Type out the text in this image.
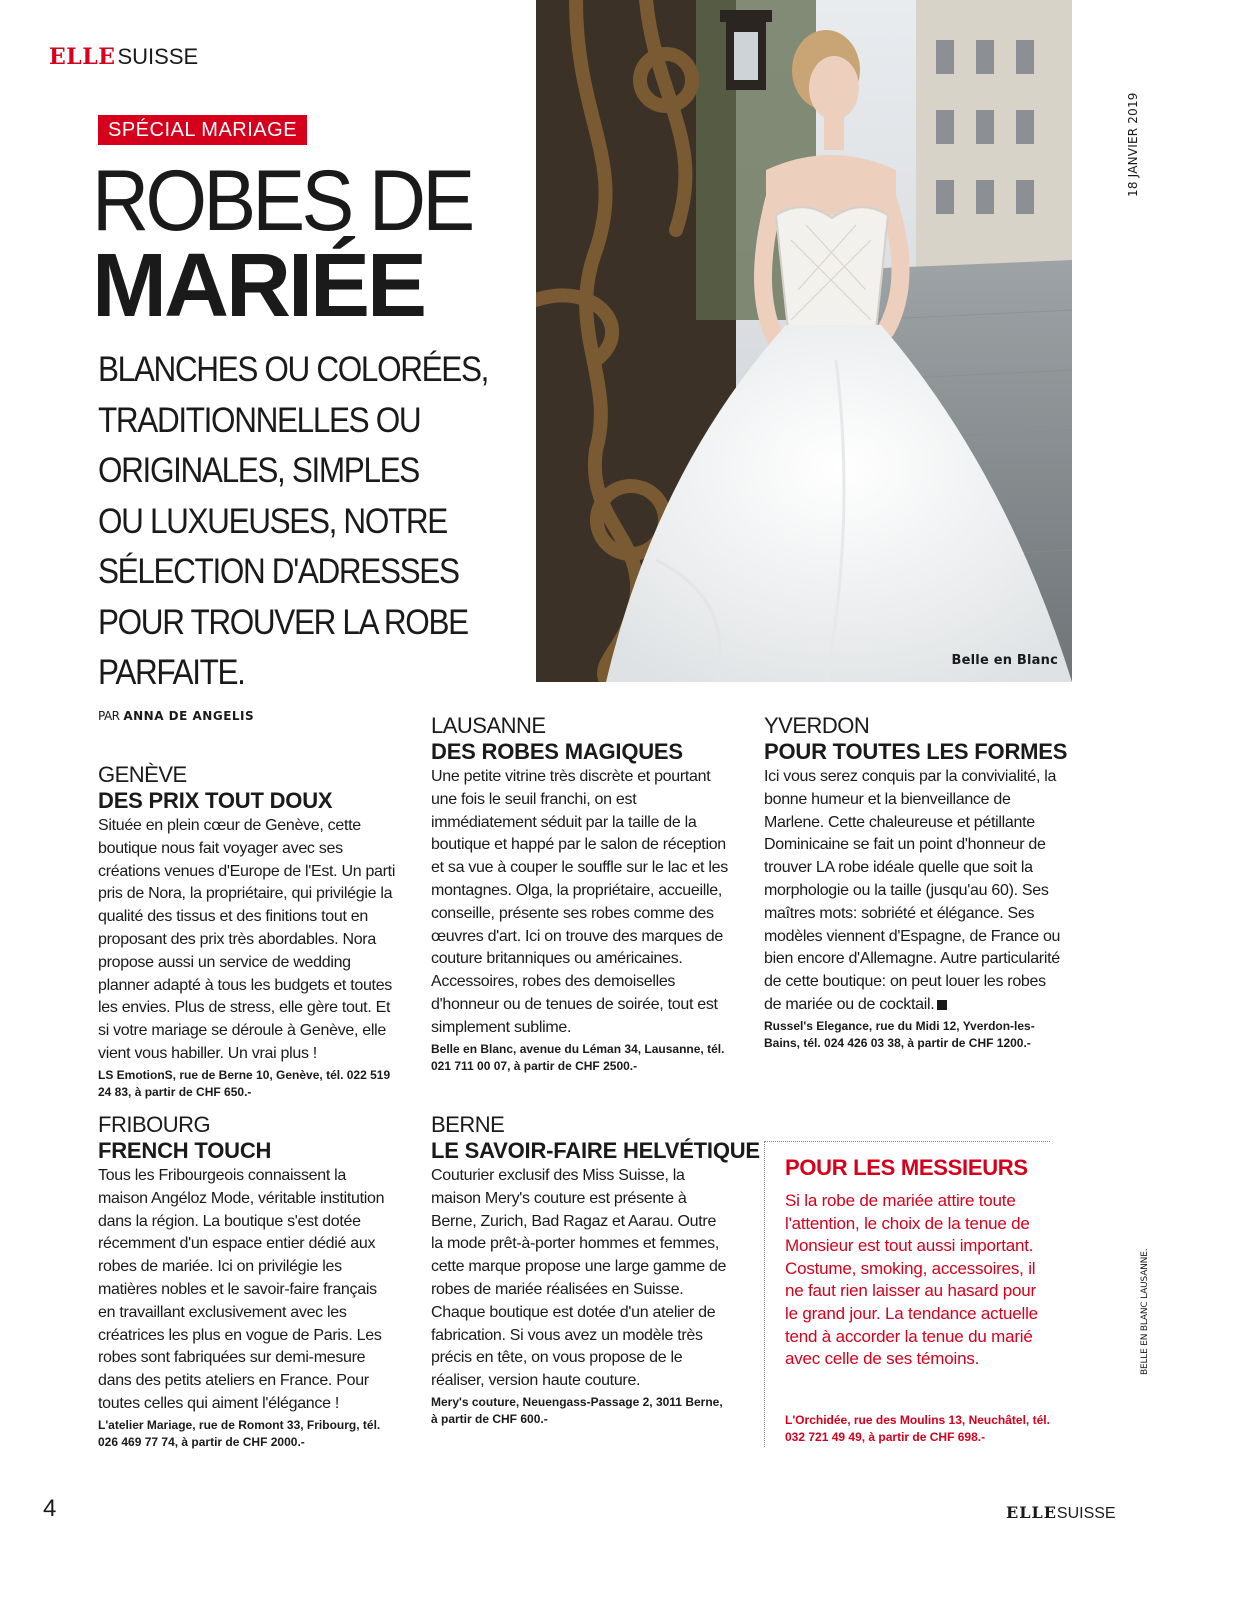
ELLESUISSE
SPÉCIAL MARIAGE
ROBES DE
MARIÉE
BLANCHES OU COLORÉES,
TRADITIONNELLES OU
ORIGINALES, SIMPLES
OU LUXUEUSES, NOTRE
SÉLECTION D'ADRESSES
POUR TROUVER LA ROBE
PARFAITE.
PAR ANNA DE ANGELIS
18 JANVIER 2019
BELLE EN BLANC LAUSANNE.
Belle en Blanc
GENÈVE
DES PRIX TOUT DOUX
Située en plein cœur de Genève, cette boutique nous fait voyager avec ses créations venues d'Europe de l'Est. Un parti pris de Nora, la propriétaire, qui privilégie la qualité des tissus et des finitions tout en proposant des prix très abordables. Nora propose aussi un service de wedding planner adapté à tous les budgets et toutes les envies. Plus de stress, elle gère tout. Et si votre mariage se déroule à Genève, elle vient vous habiller. Un vrai plus !
LS EmotionS, rue de Berne 10, Genève, tél. 022 519 24 83, à partir de CHF 650.-
FRIBOURG
FRENCH TOUCH
Tous les Fribourgeois connaissent la maison Angéloz Mode, véritable institution dans la région. La boutique s'est dotée récemment d'un espace entier dédié aux robes de mariée. Ici on privilégie les matières nobles et le savoir-faire français en travaillant exclusivement avec les créatrices les plus en vogue de Paris. Les robes sont fabriquées sur demi-mesure dans des petits ateliers en France. Pour toutes celles qui aiment l'élégance !
L'atelier Mariage, rue de Romont 33, Fribourg, tél. 026 469 77 74, à partir de CHF 2000.-
LAUSANNE
DES ROBES MAGIQUES
Une petite vitrine très discrète et pourtant une fois le seuil franchi, on est immédiatement séduit par la taille de la boutique et happé par le salon de réception et sa vue à couper le souffle sur le lac et les montagnes. Olga, la propriétaire, accueille, conseille, présente ses robes comme des œuvres d'art. Ici on trouve des marques de couture britanniques ou américaines. Accessoires, robes des demoiselles d'honneur ou de tenues de soirée, tout est simplement sublime.
Belle en Blanc, avenue du Léman 34, Lausanne, tél. 021 711 00 07, à partir de CHF 2500.-
BERNE
LE SAVOIR-FAIRE HELVÉTIQUE
Couturier exclusif des Miss Suisse, la maison Mery's couture est présente à Berne, Zurich, Bad Ragaz et Aarau. Outre la mode prêt-à-porter hommes et femmes, cette marque propose une large gamme de robes de mariée réalisées en Suisse. Chaque boutique est dotée d'un atelier de fabrication. Si vous avez un modèle très précis en tête, on vous propose de le réaliser, version haute couture.
Mery's couture, Neuengass-Passage 2, 3011 Berne, à partir de CHF 600.-
YVERDON
POUR TOUTES LES FORMES
Ici vous serez conquis par la convivialité, la bonne humeur et la bienveillance de Marlene. Cette chaleureuse et pétillante Dominicaine se fait un point d'honneur de trouver LA robe idéale quelle que soit la morphologie ou la taille (jusqu'au 60). Ses maîtres mots: sobriété et élégance. Ses modèles viennent d'Espagne, de France ou bien encore d'Allemagne. Autre particularité de cette boutique: on peut louer les robes de mariée ou de cocktail.
Russel's Elegance, rue du Midi 12, Yverdon-les-Bains, tél. 024 426 03 38, à partir de CHF 1200.-
POUR LES MESSIEURS
Si la robe de mariée attire toute l'attention, le choix de la tenue de Monsieur est tout aussi important. Costume, smoking, accessoires, il ne faut rien laisser au hasard pour le grand jour. La tendance actuelle tend à accorder la tenue du marié avec celle de ses témoins.
L'Orchidée, rue des Moulins 13, Neuchâtel, tél. 032 721 49 49, à partir de CHF 698.-
4	ELLESUISSE
